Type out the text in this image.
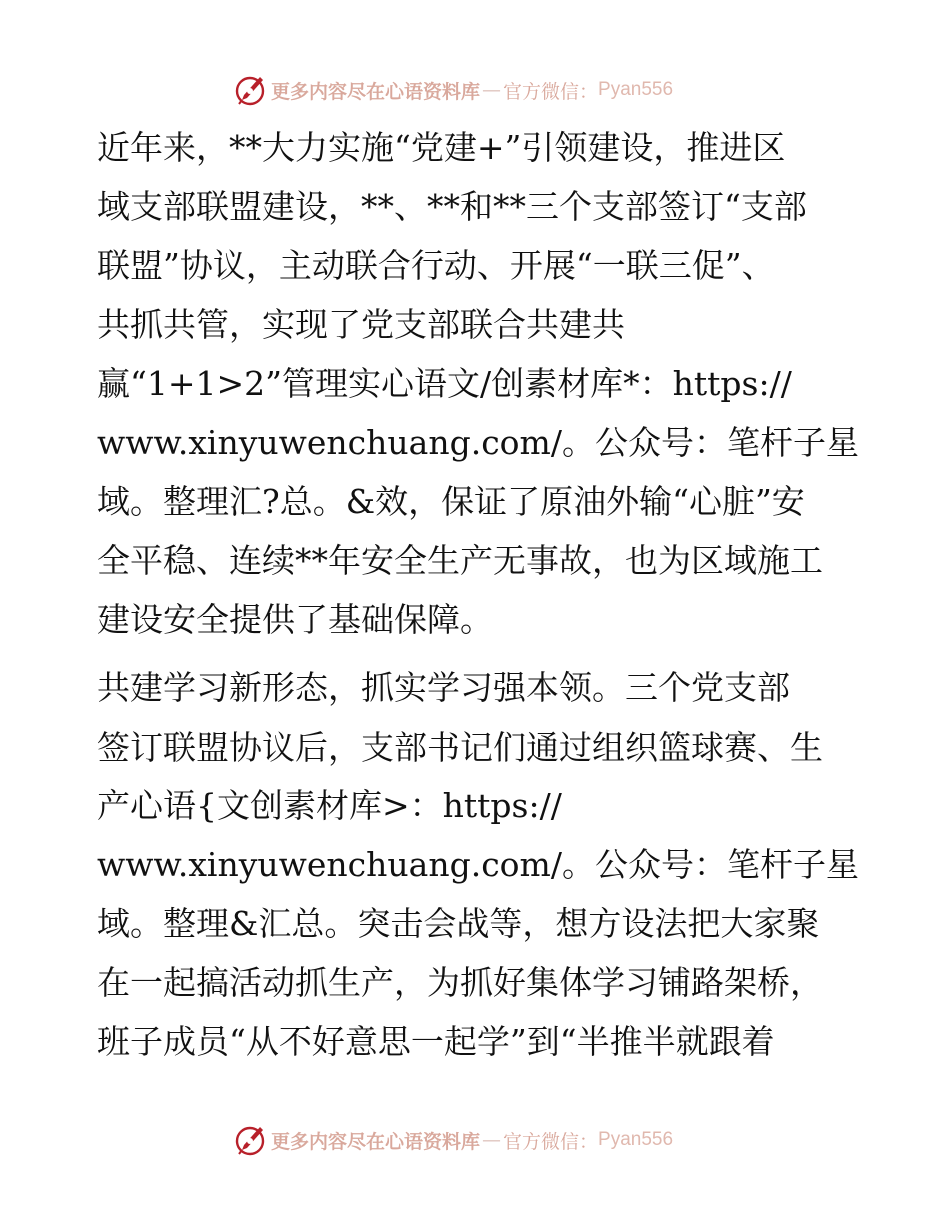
更多内容尽在心语资料库 — 官方微信： Pyan556
近年来，**大力实施“党建+”引领建设，推进区
域支部联盟建设，**、**和**三个支部签订“支部
联盟”协议，主动联合行动、开展“一联三促”、
共抓共管，实现了党支部联合共建共
赢“1+1>2”管理实心语文/创素材库*：https://
www.xinyuwenchuang.com/。公众号：笔杆子星
域。整理汇?总。&效，保证了原油外输“心脏”安
全平稳、连续**年安全生产无事故，也为区域施工
建设安全提供了基础保障。
共建学习新形态，抓实学习强本领。三个党支部
签订联盟协议后，支部书记们通过组织篮球赛、生
产心语{文创素材库>：https://
www.xinyuwenchuang.com/。公众号：笔杆子星
域。整理&汇总。突击会战等，想方设法把大家聚
在一起搞活动抓生产，为抓好集体学习铺路架桥，
班子成员“从不好意思一起学”到“半推半就跟着
更多内容尽在心语资料库 — 官方微信： Pyan556
